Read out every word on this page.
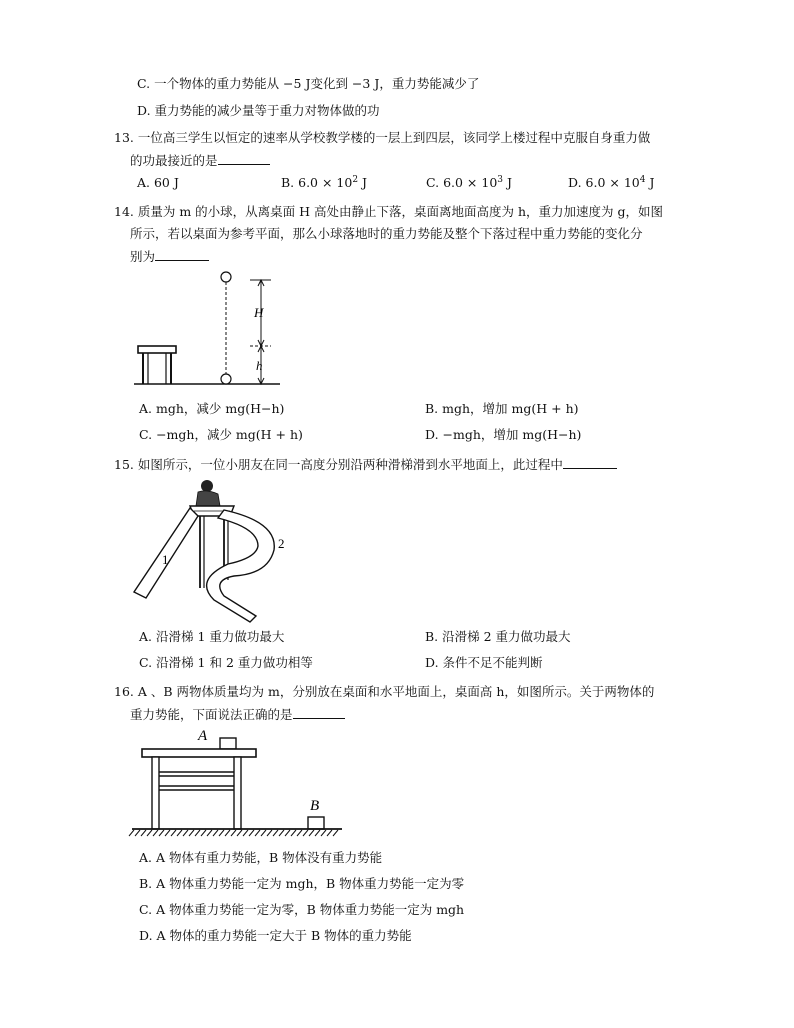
C. 一个物体的重力势能从 −5 J变化到 −3 J，重力势能减少了
D. 重力势能的减少量等于重力对物体做的功
13. 一位高三学生以恒定的速率从学校教学楼的一层上到四层，该同学上楼过程中克服自身重力做
的功最接近的是
A. 60 J	B. $6.0 \times 10^2$ J	C. $6.0 \times 10^3$ J	D. $6.0 \times 10^4$ J
14. 质量为 m 的小球，从离桌面 H 高处由静止下落，桌面离地面高度为 h，重力加速度为 g，如图
所示，若以桌面为参考平面，那么小球落地时的重力势能及整个下落过程中重力势能的变化分
别为
H
h
A. mgh，减少 mg(H−h)	B. mgh，增加 mg(H + h)
C. −mgh，减少 mg(H + h)	D. −mgh，增加 mg(H−h)
15. 如图所示，一位小朋友在同一高度分别沿两种滑梯滑到水平地面上，此过程中
1
2
A. 沿滑梯 1 重力做功最大	B. 沿滑梯 2 重力做功最大
C. 沿滑梯 1 和 2 重力做功相等	D. 条件不足不能判断
16. A 、B 两物体质量均为 m，分别放在桌面和水平地面上，桌面高 h，如图所示。关于两物体的
重力势能，下面说法正确的是
A
B
A. A 物体有重力势能，B 物体没有重力势能
B. A 物体重力势能一定为 mgh，B 物体重力势能一定为零
C. A 物体重力势能一定为零，B 物体重力势能一定为 mgh
D. A 物体的重力势能一定大于 B 物体的重力势能
